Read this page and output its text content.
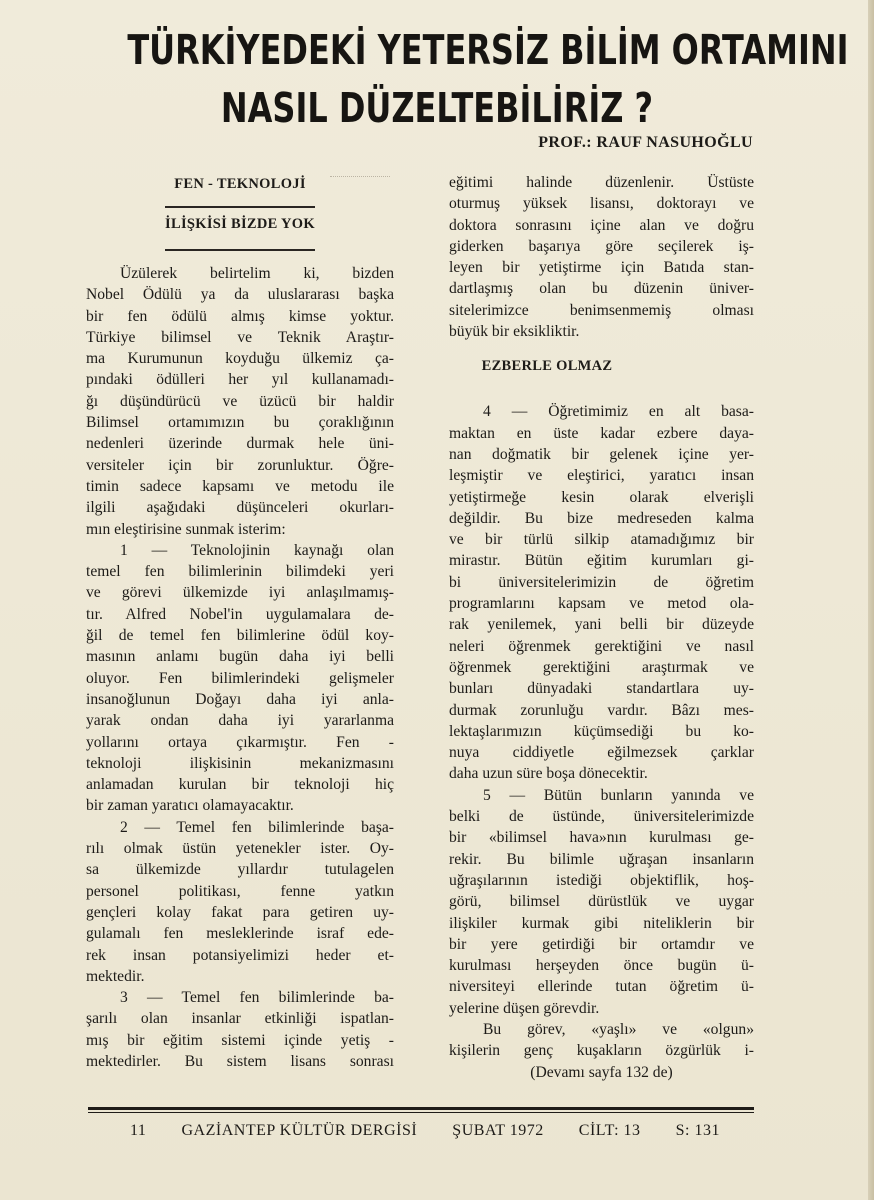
TÜRKİYEDEKİ YETERSİZ BİLİM ORTAMINI
NASIL DÜZELTEBİLİRİZ ?
PROF.: RAUF NASUHOĞLU
FEN - TEKNOLOJİ
İLİŞKİSİ BİZDE YOK
Üzülerek belirtelim ki, bizden
Nobel Ödülü ya da uluslararası başka
bir fen ödülü almış kimse yoktur.
Türkiye bilimsel ve Teknik Araştır-
ma Kurumunun koyduğu ülkemiz ça-
pındaki ödülleri her yıl kullanamadı-
ğı düşündürücü ve üzücü bir haldir
Bilimsel ortamımızın bu çoraklığının
nedenleri üzerinde durmak hele üni-
versiteler için bir zorunluktur. Öğre-
timin sadece kapsamı ve metodu ile
ilgili aşağıdaki düşünceleri okurları-
mın eleştirisine sunmak isterim:
1 — Teknolojinin kaynağı olan
temel fen bilimlerinin bilimdeki yeri
ve görevi ülkemizde iyi anlaşılmamış-
tır. Alfred Nobel'in uygulamalara de-
ğil de temel fen bilimlerine ödül koy-
masının anlamı bugün daha iyi belli
oluyor. Fen bilimlerindeki gelişmeler
insanoğlunun Doğayı daha iyi anla-
yarak ondan daha iyi yararlanma
yollarını ortaya çıkarmıştır. Fen -
teknoloji ilişkisinin mekanizmasını
anlamadan kurulan bir teknoloji hiç
bir zaman yaratıcı olamayacaktır.
2 — Temel fen bilimlerinde başa-
rılı olmak üstün yetenekler ister. Oy-
sa ülkemizde yıllardır tutulagelen
personel politikası, fenne yatkın
gençleri kolay fakat para getiren uy-
gulamalı fen mesleklerinde israf ede-
rek insan potansiyelimizi heder et-
mektedir.
3 — Temel fen bilimlerinde ba-
şarılı olan insanlar etkinliği ispatlan-
mış bir eğitim sistemi içinde yetiş -
mektedirler. Bu sistem lisans sonrası
eğitimi halinde düzenlenir. Üstüste
oturmuş yüksek lisansı, doktorayı ve
doktora sonrasını içine alan ve doğru
giderken başarıya göre seçilerek iş-
leyen bir yetiştirme için Batıda stan-
dartlaşmış olan bu düzenin üniver-
sitelerimizce benimsenmemiş olması
büyük bir eksikliktir.
EZBERLE OLMAZ
4 — Öğretimimiz en alt basa-
maktan en üste kadar ezbere daya-
nan doğmatik bir gelenek içine yer-
leşmiştir ve eleştirici, yaratıcı insan
yetiştirmeğe kesin olarak elverişli
değildir. Bu bize medreseden kalma
ve bir türlü silkip atamadığımız bir
mirastır. Bütün eğitim kurumları gi-
bi üniversitelerimizin de öğretim
programlarını kapsam ve metod ola-
rak yenilemek, yani belli bir düzeyde
neleri öğrenmek gerektiğini ve nasıl
öğrenmek gerektiğini araştırmak ve
bunları dünyadaki standartlara uy-
durmak zorunluğu vardır. Bâzı mes-
lektaşlarımızın küçümsediği bu ko-
nuya ciddiyetle eğilmezsek çarklar
daha uzun süre boşa dönecektir.
5 — Bütün bunların yanında ve
belki de üstünde, üniversitelerimizde
bir «bilimsel hava»nın kurulması ge-
rekir. Bu bilimle uğraşan insanların
uğraşılarının istediği objektiflik, hoş-
görü, bilimsel dürüstlük ve uygar
ilişkiler kurmak gibi niteliklerin bir
bir yere getirdiği bir ortamdır ve
kurulması herşeyden önce bugün ü-
niversiteyi ellerinde tutan öğretim ü-
yelerine düşen görevdir.
Bu görev, «yaşlı» ve «olgun»
kişilerin genç kuşakların özgürlük i-
(Devamı sayfa 132 de)
11 GAZİANTEP KÜLTÜR DERGİSİ ŞUBAT 1972 CİLT: 13 S: 131
